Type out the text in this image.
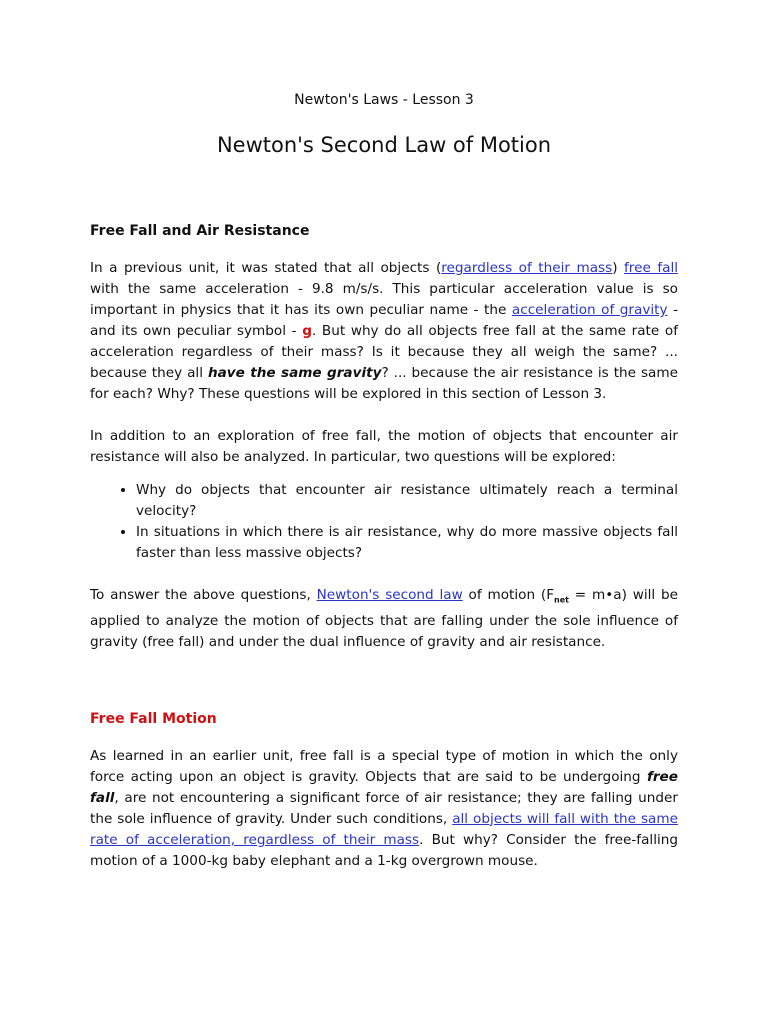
Newton's Laws - Lesson 3
Newton's Second Law of Motion
Free Fall and Air Resistance

In a previous unit, it was stated that all objects (regardless of their mass) free fall with the same acceleration - 9.8 m/s/s. This particular acceleration value is so important in physics that it has its own peculiar name - the acceleration of gravity - and its own peculiar symbol - g. But why do all objects free fall at the same rate of acceleration regardless of their mass? Is it because they all weigh the same? ... because they all have the same gravity? ... because the air resistance is the same for each? Why? These questions will be explored in this section of Lesson 3.

In addition to an exploration of free fall, the motion of objects that encounter air resistance will also be analyzed. In particular, two questions will be explored:

• Why do objects that encounter air resistance ultimately reach a terminal velocity?
• In situations in which there is air resistance, why do more massive objects fall faster than less massive objects?

To answer the above questions, Newton's second law of motion ($F_{net}$ = m•a) will be applied to analyze the motion of objects that are falling under the sole influence of gravity (free fall) and under the dual influence of gravity and air resistance.

Free Fall Motion

As learned in an earlier unit, free fall is a special type of motion in which the only force acting upon an object is gravity. Objects that are said to be undergoing free fall, are not encountering a significant force of air resistance; they are falling under the sole influence of gravity. Under such conditions, all objects will fall with the same rate of acceleration, regardless of their mass. But why? Consider the free-falling motion of a 1000-kg baby elephant and a 1-kg overgrown mouse.
